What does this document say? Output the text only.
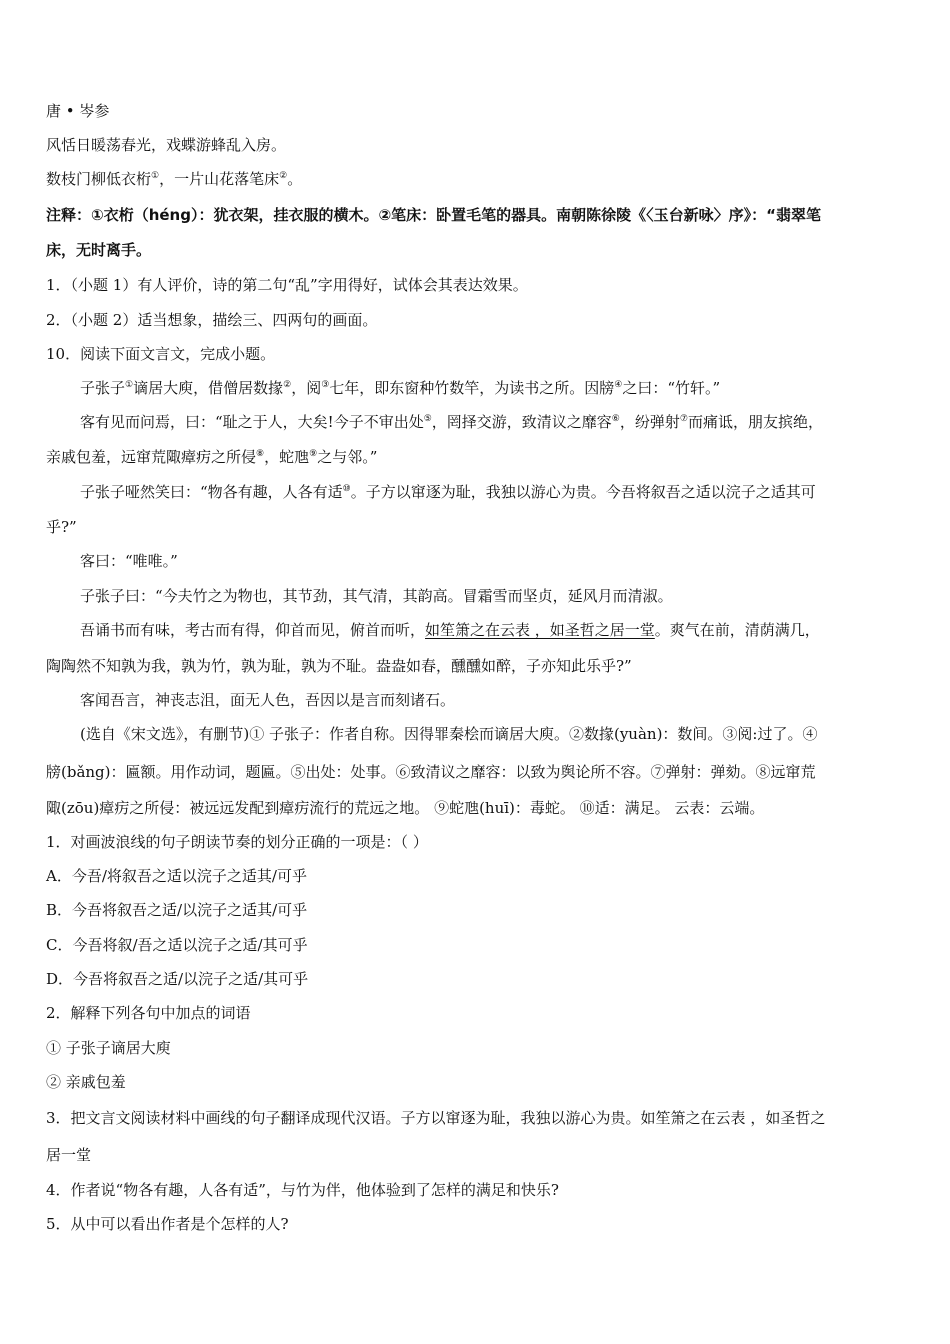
唐 • 岑参
风恬日暖荡春光，戏蝶游蜂乱入房。
数枝门柳低衣桁①，一片山花落笔床②。
注释：①衣桁（héng）：犹衣架，挂衣服的横木。②笔床：卧置毛笔的器具。南朝陈徐陵《〈玉台新咏〉序》：“翡翠笔
床，无时离手。
1．（小题 1）有人评价，诗的第二句“乱”字用得好，试体会其表达效果。
2．（小题 2）适当想象，描绘三、四两句的画面。
10．阅读下面文言文，完成小题。
子张子①谪居大庾，借僧居数掾②，阅③七年，即东窗种竹数竿，为读书之所。因牓④之曰：“竹轩。”
客有见而问焉，曰：“耻之于人，大矣!今子不审出处⑤，罔择交游，致清议之靡容⑥，纷弹射⑦而痛诋，朋友摈绝，
亲戚包羞，远窜荒陬瘴疠之所侵⑧，蛇虺⑨之与邻。”
子张子哑然笑曰：“物各有趣，人各有适⑩。子方以窜逐为耻，我独以游心为贵。今吾将叙吾之适以浣子之适其可
乎?”
客曰：“唯唯。”
子张子曰：“今夫竹之为物也，其节劲，其气清，其韵高。冒霜雪而坚贞，延风月而清淑。
吾诵书而有味，考古而有得，仰首而见，俯首而听，如笙箫之在云表 ，如圣哲之居一堂。爽气在前，清荫满几，
陶陶然不知孰为我，孰为竹，孰为耻，孰为不耻。盎盎如春，醺醺如醉，子亦知此乐乎?”
客闻吾言，神丧志沮，面无人色，吾因以是言而刻诸石。
(选自《宋文选》，有删节)① 子张子：作者自称。因得罪秦桧而谪居大庾。②数掾(yuàn)：数间。③阅:过了。④
牓(bǎng)：匾额。用作动词，题匾。⑤出处：处事。⑥致清议之靡容：以致为舆论所不容。⑦弹射：弹劾。⑧远窜荒
陬(zōu)瘴疠之所侵：被远远发配到瘴疠流行的荒远之地。 ⑨蛇虺(huī)：毒蛇。 ⑩适：满足。 云表：云端。
1．对画波浪线的句子朗读节奏的划分正确的一项是：（ ）
A．今吾/将叙吾之适以浣子之适其/可乎
B．今吾将叙吾之适/以浣子之适其/可乎
C．今吾将叙/吾之适以浣子之适/其可乎
D．今吾将叙吾之适/以浣子之适/其可乎
2．解释下列各句中加点的词语
① 子张子谪居大庾
② 亲戚包羞
3．把文言文阅读材料中画线的句子翻译成现代汉语。子方以窜逐为耻，我独以游心为贵。如笙箫之在云表 ，如圣哲之
居一堂
4．作者说“物各有趣，人各有适”，与竹为伴，他体验到了怎样的满足和快乐?
5．从中可以看出作者是个怎样的人?
